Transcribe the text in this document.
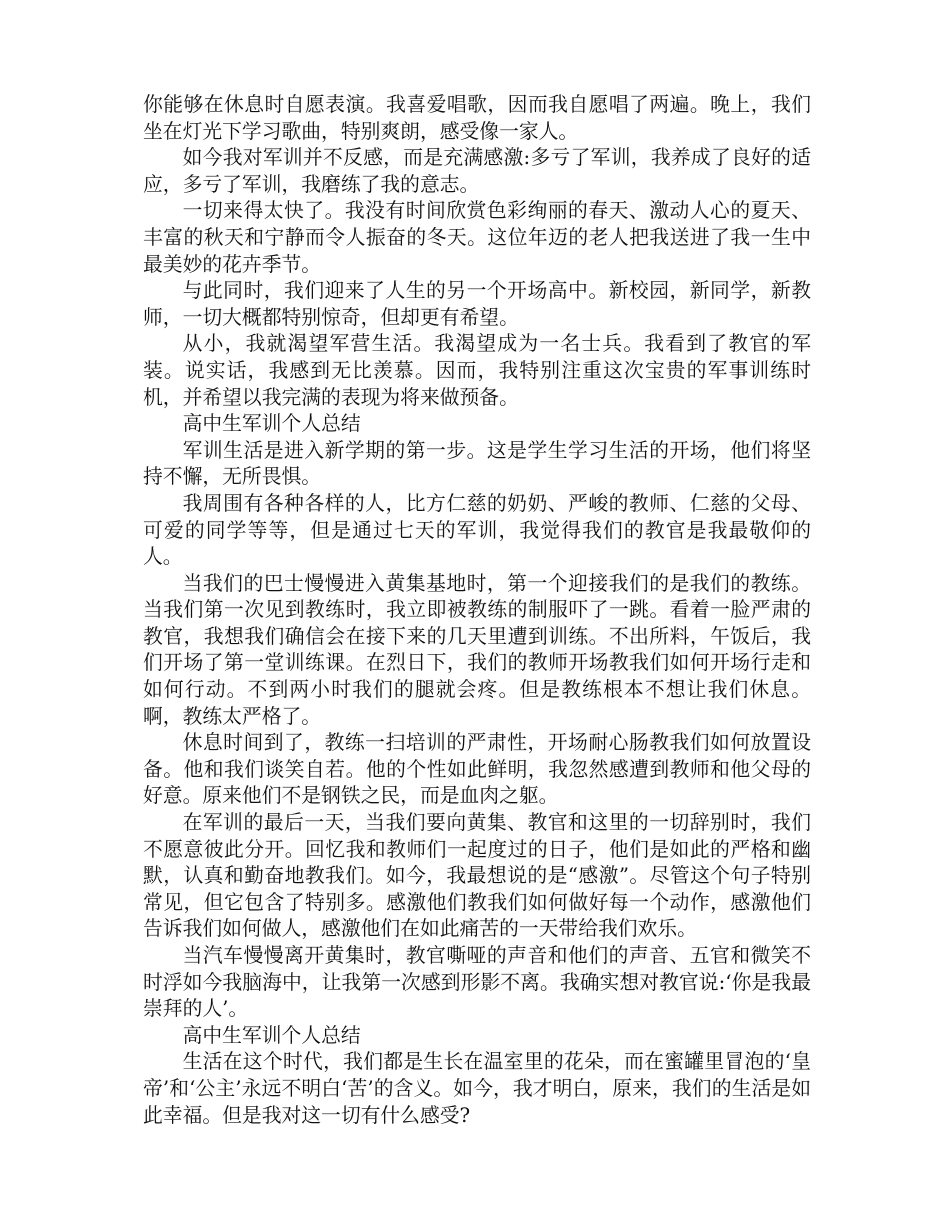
你能够在休息时自愿表演。我喜爱唱歌，因而我自愿唱了两遍。晚上，我们坐在灯光下学习歌曲，特别爽朗，感受像一家人。

如今我对军训并不反感，而是充满感激:多亏了军训，我养成了良好的适应，多亏了军训，我磨练了我的意志。

一切来得太快了。我没有时间欣赏色彩绚丽的春天、激动人心的夏天、丰富的秋天和宁静而令人振奋的冬天。这位年迈的老人把我送进了我一生中最美妙的花卉季节。

与此同时，我们迎来了人生的另一个开场高中。新校园，新同学，新教师，一切大概都特别惊奇，但却更有希望。

从小，我就渴望军营生活。我渴望成为一名士兵。我看到了教官的军装。说实话，我感到无比羡慕。因而，我特别注重这次宝贵的军事训练时机，并希望以我完满的表现为将来做预备。

高中生军训个人总结

军训生活是进入新学期的第一步。这是学生学习生活的开场，他们将坚持不懈，无所畏惧。

我周围有各种各样的人，比方仁慈的奶奶、严峻的教师、仁慈的父母、可爱的同学等等，但是通过七天的军训，我觉得我们的教官是我最敬仰的人。

当我们的巴士慢慢进入黄集基地时，第一个迎接我们的是我们的教练。当我们第一次见到教练时，我立即被教练的制服吓了一跳。看着一脸严肃的教官，我想我们确信会在接下来的几天里遭到训练。不出所料，午饭后，我们开场了第一堂训练课。在烈日下，我们的教师开场教我们如何开场行走和如何行动。不到两小时我们的腿就会疼。但是教练根本不想让我们休息。啊，教练太严格了。

休息时间到了，教练一扫培训的严肃性，开场耐心肠教我们如何放置设备。他和我们谈笑自若。他的个性如此鲜明，我忽然感遭到教师和他父母的好意。原来他们不是钢铁之民，而是血肉之躯。

在军训的最后一天，当我们要向黄集、教官和这里的一切辞别时，我们不愿意彼此分开。回忆我和教师们一起度过的日子，他们是如此的严格和幽默，认真和勤奋地教我们。如今，我最想说的是“感激”。尽管这个句子特别常见，但它包含了特别多。感激他们教我们如何做好每一个动作，感激他们告诉我们如何做人，感激他们在如此痛苦的一天带给我们欢乐。

当汽车慢慢离开黄集时，教官嘶哑的声音和他们的声音、五官和微笑不时浮如今我脑海中，让我第一次感到形影不离。我确实想对教官说:‘你是我最崇拜的人’。

高中生军训个人总结

生活在这个时代，我们都是生长在温室里的花朵，而在蜜罐里冒泡的‘皇帝’和‘公主’永远不明白‘苦’的含义。如今，我才明白，原来，我们的生活是如此幸福。但是我对这一切有什么感受?
